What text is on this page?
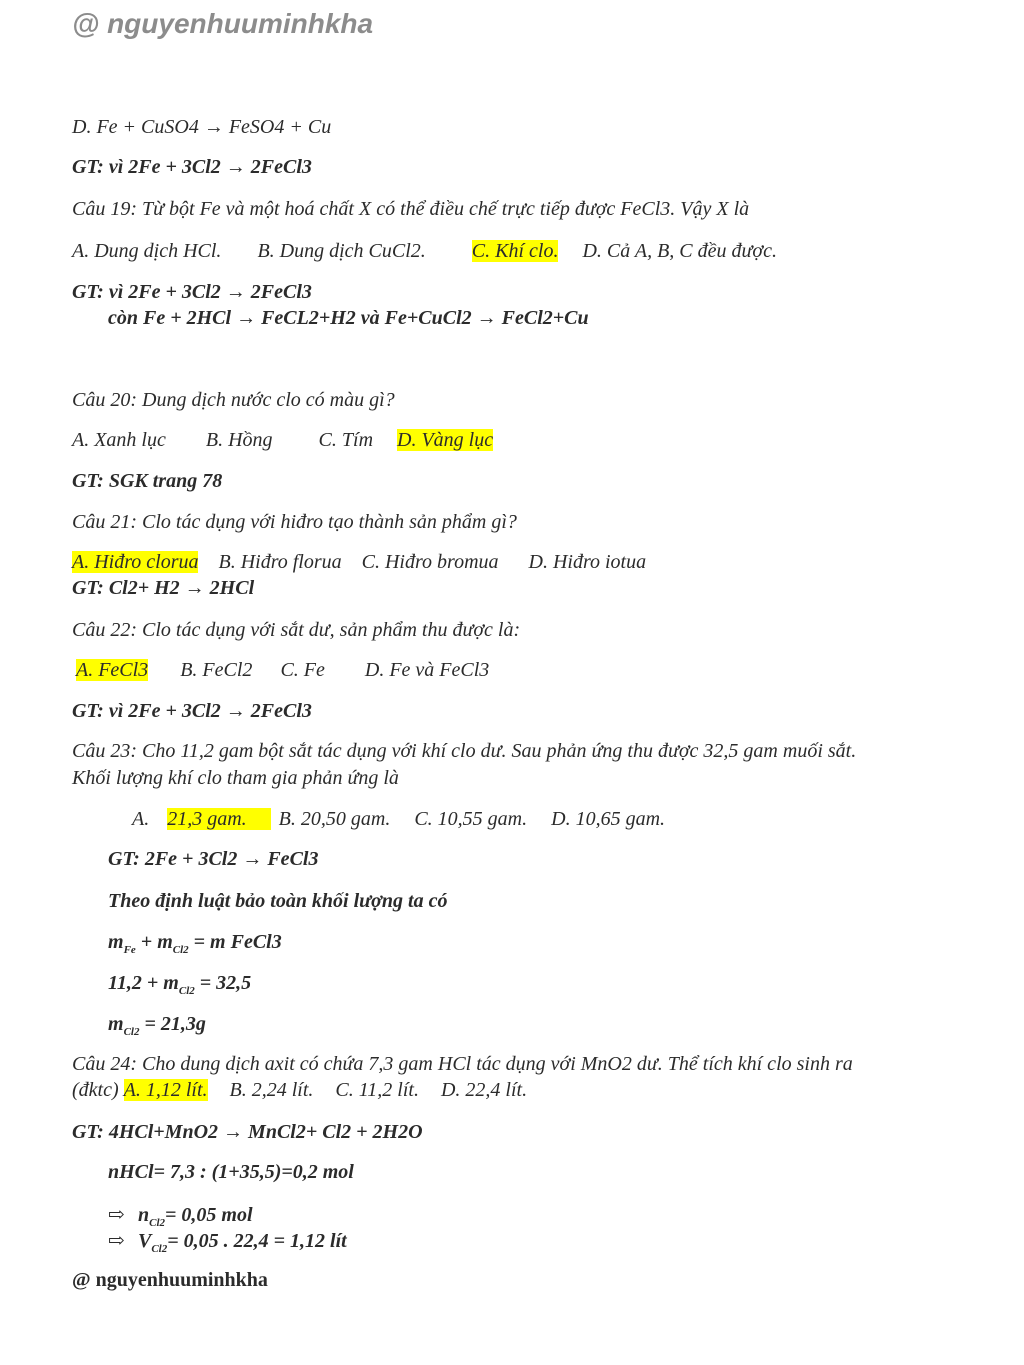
@ nguyenhuuminhkha
D. Fe + CuSO4 → FeSO4 + Cu
GT: vì 2Fe + 3Cl2 → 2FeCl3
Câu 19: Từ bột Fe và một hoá chất X có thể điều chế trực tiếp được FeCl3. Vậy X là
A. Dung dịch HCl. B. Dung dịch CuCl2. C. Khí clo. D. Cả A, B, C đều được.
GT: vì 2Fe + 3Cl2 → 2FeCl3
còn Fe + 2HCl → FeCL2+H2 và Fe+CuCl2 → FeCl2+Cu
Câu 20: Dung dịch nước clo có màu gì?
A. Xanh lục B. Hồng C. Tím D. Vàng lục
GT: SGK trang 78
Câu 21: Clo tác dụng với hiđro tạo thành sản phẩm gì?
A. Hiđro clorua B. Hiđro florua C. Hiđro bromua D. Hiđro iotua
GT: Cl2+ H2 → 2HCl
Câu 22: Clo tác dụng với sắt dư, sản phẩm thu được là:
A. FeCl3 B. FeCl2 C. Fe D. Fe và FeCl3
GT: vì 2Fe + 3Cl2 → 2FeCl3
Câu 23: Cho 11,2 gam bột sắt tác dụng với khí clo dư. Sau phản ứng thu được 32,5 gam muối sắt.
Khối lượng khí clo tham gia phản ứng là
A. 21,3 gam. B. 20,50 gam. C. 10,55 gam. D. 10,65 gam.
GT: 2Fe + 3Cl2 → FeCl3
Theo định luật bảo toàn khối lượng ta có
$m_{Fe} + m_{Cl2} = m$ FeCl3
$11,2 + m_{Cl2} = 32,5$
$m_{Cl2} = 21,3g$
Câu 24: Cho dung dịch axit có chứa 7,3 gam HCl tác dụng với MnO2 dư. Thể tích khí clo sinh ra
(đktc) A. 1,12 lít. B. 2,24 lít. C. 11,2 lít. D. 22,4 lít.
GT: 4HCl+MnO2 → MnCl2+ Cl2 + 2H2O
nHCl= 7,3 : (1+35,5)=0,2 mol
⇨ $n_{Cl2}= 0,05$ mol
⇨ $V_{Cl2}= 0,05$ . 22,4 = 1,12 lít
@ nguyenhuuminhkha
